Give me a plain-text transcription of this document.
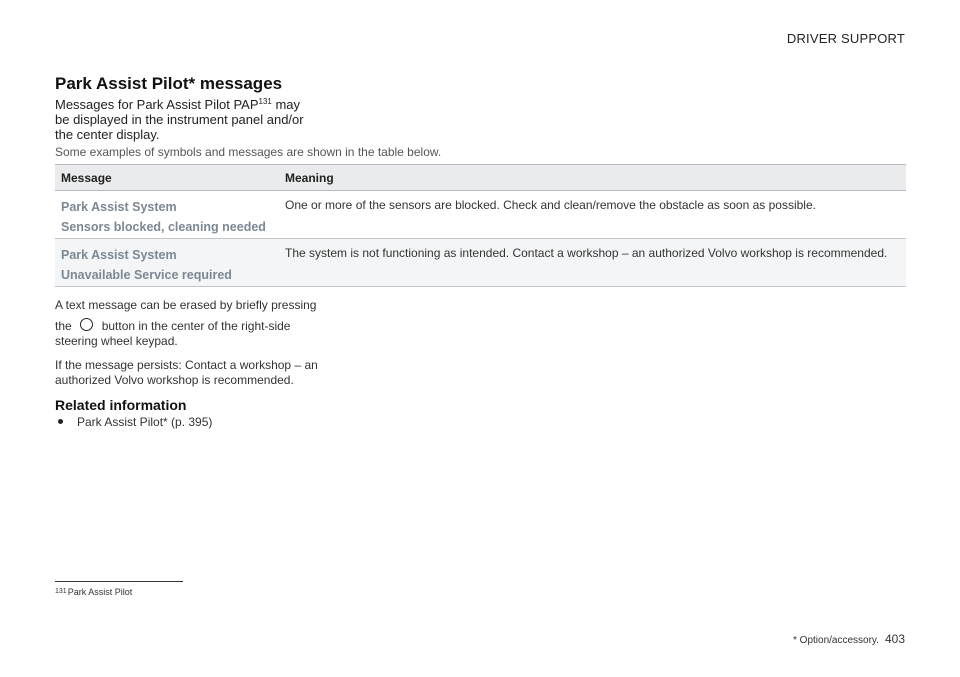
DRIVER SUPPORT
Park Assist Pilot* messages

Messages for Park Assist Pilot PAP$^{131}$ may be displayed in the instrument panel and/or the center display.

Some examples of symbols and messages are shown in the table below.

Message	Meaning

Park Assist System
Sensors blocked, cleaning needed	One or more of the sensors are blocked. Check and clean/remove the obstacle as soon as possible.

Park Assist System
Unavailable Service required	The system is not functioning as intended. Contact a workshop – an authorized Volvo workshop is recommended.

A text message can be erased by briefly pressing
the	button in the center of the right-side steering wheel keypad.

If the message persists: Contact a workshop – an authorized Volvo workshop is recommended.

Related information
Park Assist Pilot* (p. 395)
$^{131}$Park Assist Pilot
* Option/accessory. 403
